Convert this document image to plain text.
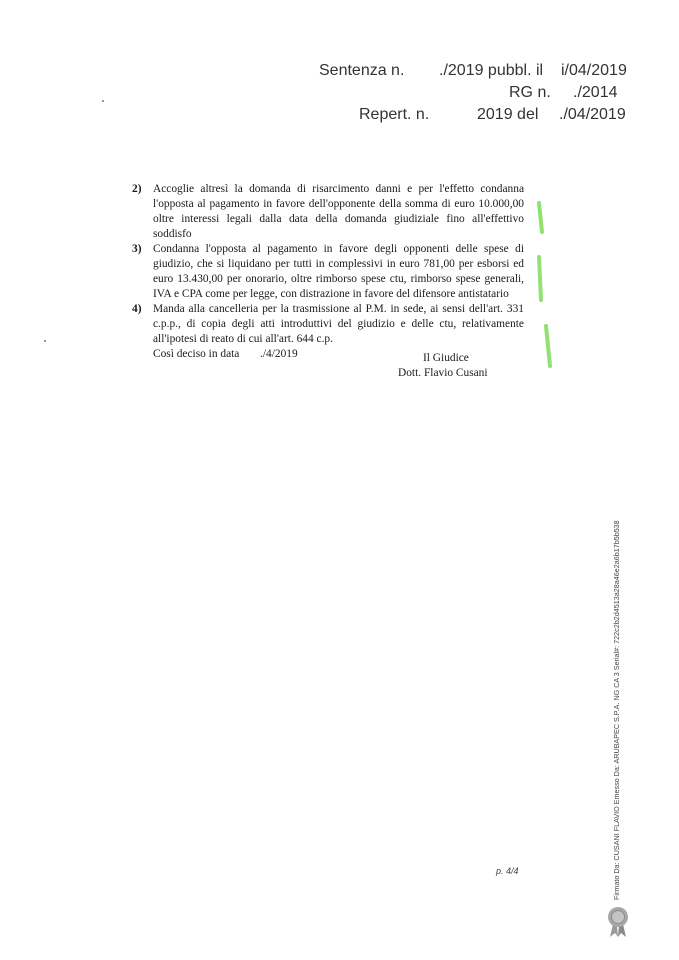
Sentenza n. ./2019 pubbl. il i/04/2019
RG n. ./2014
Repert. n.	2019 del ./04/2019
2) Accoglie altresì la domanda di risarcimento danni e per l'effetto condanna l'opposta al pagamento in favore dell'opponente della somma di euro 10.000,00 oltre interessi legali dalla data della domanda giudiziale fino all'effettivo soddisfo
3) Condanna l'opposta al pagamento in favore degli opponenti delle spese di giudizio, che si liquidano per tutti in complessivi in euro 781,00 per esborsi ed euro 13.430,00 per onorario, oltre rimborso spese ctu, rimborso spese generali, IVA e CPA come per legge, con distrazione in favore del difensore antistatario
4) Manda alla cancelleria per la trasmissione al P.M. in sede, ai sensi dell'art. 331 c.p.p., di copia degli atti introduttivi del giudizio e delle ctu, relativamente all'ipotesi di reato di cui all'art. 644 c.p.
Così deciso in data ./4/2019	Il Giudice
Dott. Flavio Cusani
p. 4/4	Firmato Da: CUSANI FLAVIO Emesso Da: ARUBAPEC S.P.A. NG CA 3 Serial#: 722c2b2d4513a28a46e2a6b17b5b538
